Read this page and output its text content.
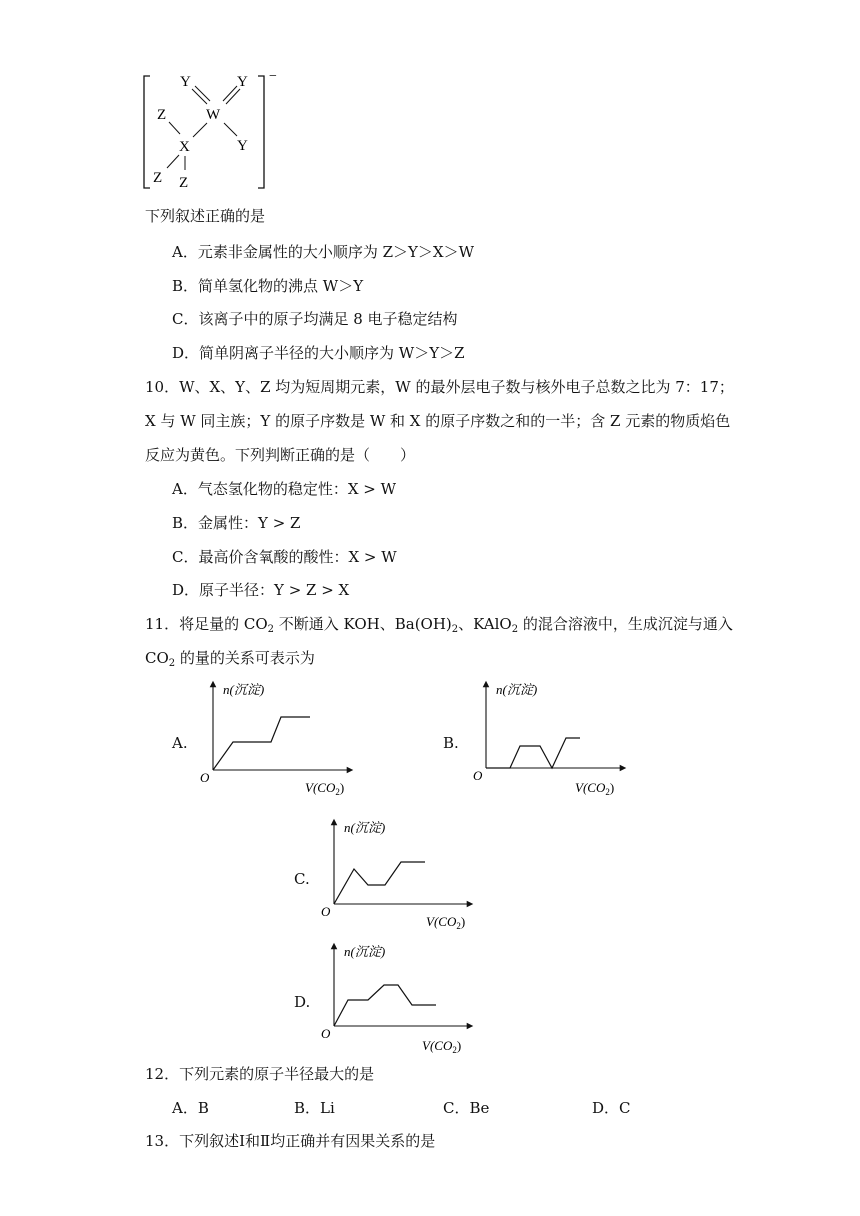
−
Y	Y
W
Z
X	Y
Z Z
下列叙述正确的是
A．元素非金属性的大小顺序为 Z＞Y＞X＞W
B．简单氢化物的沸点 W＞Y
C．该离子中的原子均满足 8 电子稳定结构
D．简单阴离子半径的大小顺序为 W＞Y＞Z
10．W、X、Y、Z 均为短周期元素，W 的最外层电子数与核外电子总数之比为 7：17；
X 与 W 同主族；Y 的原子序数是 W 和 X 的原子序数之和的一半；含 Z 元素的物质焰色
反应为黄色。下列判断正确的是（　　）
A．气态氢化物的稳定性：X > W
B．金属性：Y > Z
C．最高价含氧酸的酸性：X > W
D．原子半径：Y > Z > X
11．将足量的 $CO_2$ 不断通入 KOH、$Ba(OH)_2$、KAlO$_2$ 的混合溶液中，生成沉淀与通入
$CO_2$ 的量的关系可表示为
A.	B.
C.
D.
n(沉淀)
O
$V(CO_2)$
n(沉淀)
O
$V(CO_2)$
n(沉淀)
O
$V(CO_2)$
n(沉淀)
O
$V(CO_2)$
12．下列元素的原子半径最大的是
A．B	B．Li	C．Be	D．C
13．下列叙述Ⅰ和Ⅱ均正确并有因果关系的是
